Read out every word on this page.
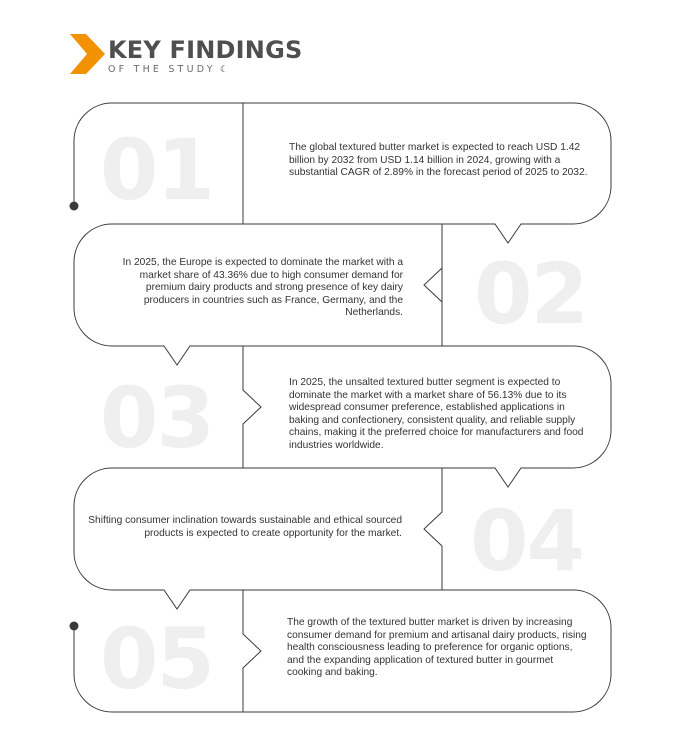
KEY FINDINGS
OF THE STUDY ☾
01	The global textured butter market is expected to reach USD 1.42 billion by 2032 from USD 1.14 billion in 2024, growing with a substantial CAGR of 2.89% in the forecast period of 2025 to 2032.
02
In 2025, the Europe is expected to dominate the market with a market share of 43.36% due to high consumer demand for premium dairy products and strong presence of key dairy producers in countries such as France, Germany, and the Netherlands.
03	In 2025, the unsalted textured butter segment is expected to dominate the market with a market share of 56.13% due to its widespread consumer preference, established applications in baking and confectionery, consistent quality, and reliable supply chains, making it the preferred choice for manufacturers and food industries worldwide.
04
Shifting consumer inclination towards sustainable and ethical sourced products is expected to create opportunity for the market.
05	The growth of the textured butter market is driven by increasing consumer demand for premium and artisanal dairy products, rising health consciousness leading to preference for organic options, and the expanding application of textured butter in gourmet cooking and baking.
